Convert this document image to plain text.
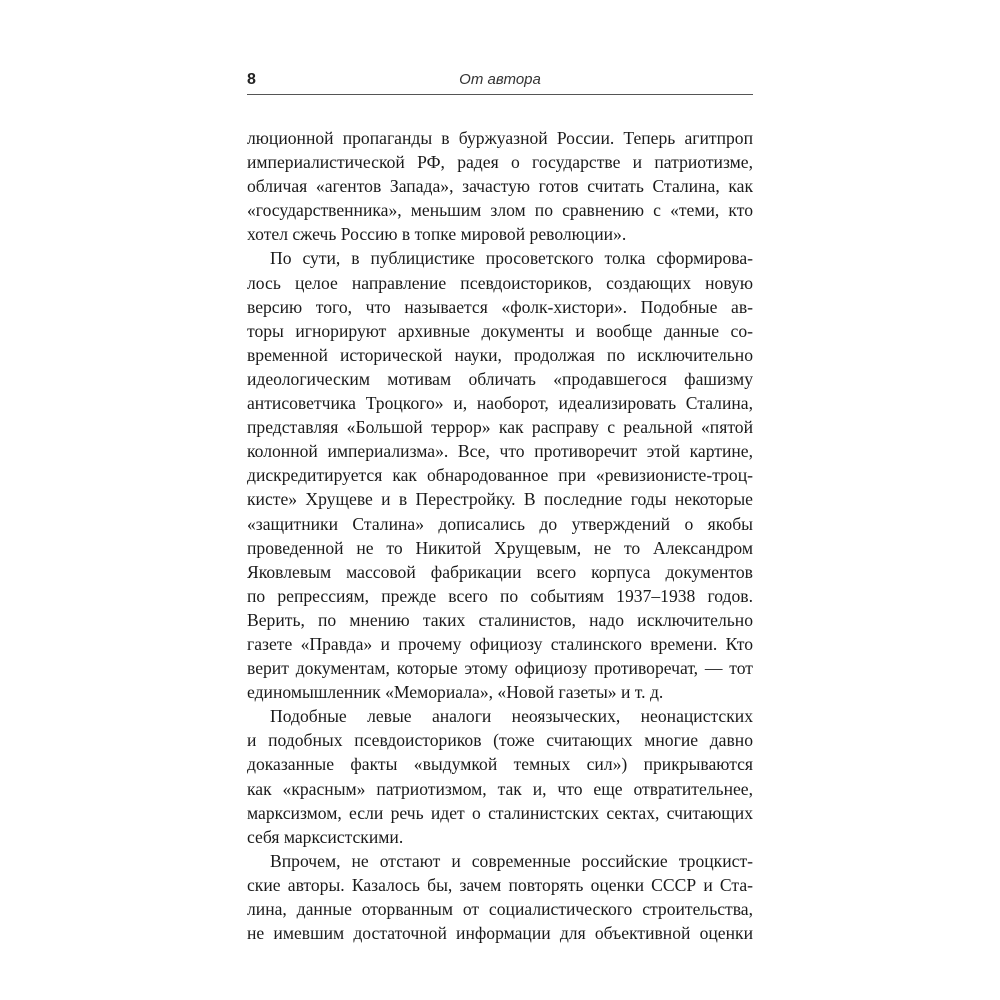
8	От автора
люционной пропаганды в буржуазной России. Теперь агитпроп
империалистической РФ, радея о государстве и патриотизме,
обличая «агентов Запада», зачастую готов считать Сталина, как
«государственника», меньшим злом по сравнению с «теми, кто
хотел сжечь Россию в топке мировой революции».
По сути, в публицистике просоветского толка сформирова-
лось целое направление псевдоисториков, создающих новую
версию того, что называется «фолк-хистори». Подобные ав-
торы игнорируют архивные документы и вообще данные со-
временной исторической науки, продолжая по исключительно
идеологическим мотивам обличать «продавшегося фашизму
антисоветчика Троцкого» и, наоборот, идеализировать Сталина,
представляя «Большой террор» как расправу с реальной «пятой
колонной империализма». Все, что противоречит этой картине,
дискредитируется как обнародованное при «ревизионисте-троц-
кисте» Хрущеве и в Перестройку. В последние годы некоторые
«защитники Сталина» дописались до утверждений о якобы
проведенной не то Никитой Хрущевым, не то Александром
Яковлевым массовой фабрикации всего корпуса документов
по репрессиям, прежде всего по событиям 1937–1938 годов.
Верить, по мнению таких сталинистов, надо исключительно
газете «Правда» и прочему официозу сталинского времени. Кто
верит документам, которые этому официозу противоречат, — тот
единомышленник «Мемориала», «Новой газеты» и т. д.
Подобные левые аналоги неоязыческих, неонацистских
и подобных псевдоисториков (тоже считающих многие давно
доказанные факты «выдумкой темных сил») прикрываются
как «красным» патриотизмом, так и, что еще отвратительнее,
марксизмом, если речь идет о сталинистских сектах, считающих
себя марксистскими.
Впрочем, не отстают и современные российские троцкист-
ские авторы. Казалось бы, зачем повторять оценки СССР и Ста-
лина, данные оторванным от социалистического строительства,
не имевшим достаточной информации для объективной оценки
